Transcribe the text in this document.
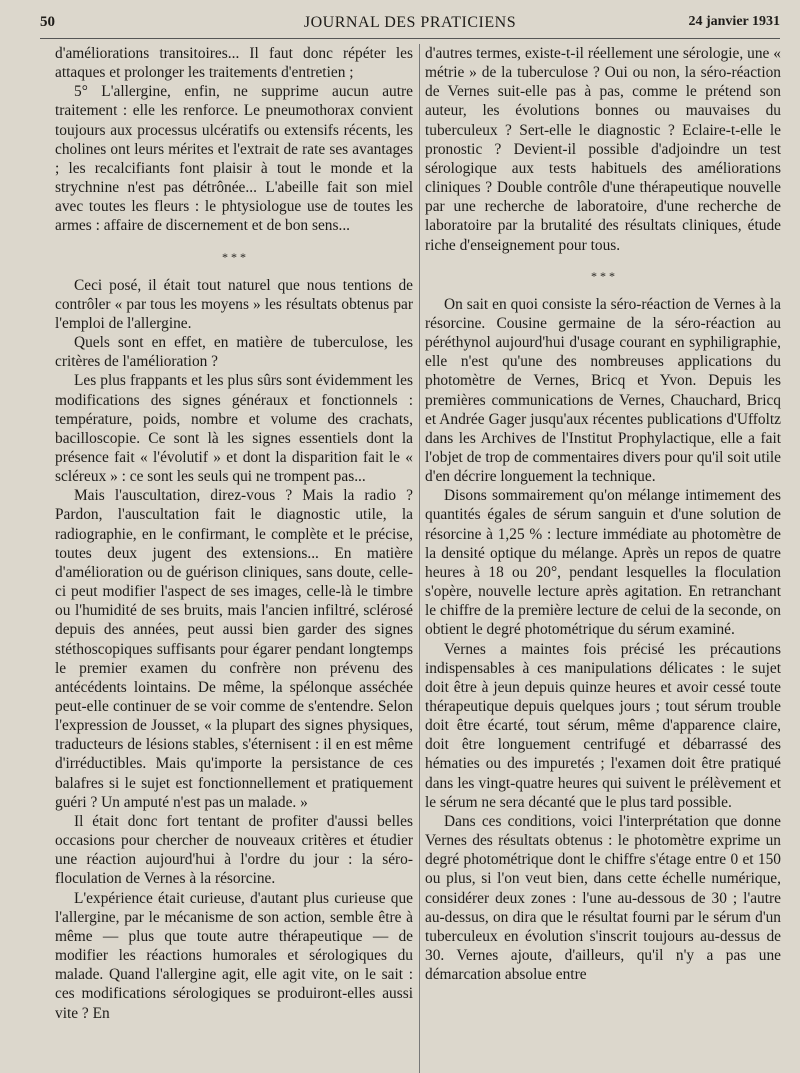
50	JOURNAL DES PRATICIENS	24 janvier 1931

d'améliorations transitoires... Il faut donc répéter les attaques et prolonger les traitements d'entretien ;

5° L'allergine, enfin, ne supprime aucun autre traitement : elle les renforce. Le pneumothorax convient toujours aux processus ulcératifs ou extensifs récents, les cholines ont leurs mérites et l'extrait de rate ses avantages ; les recalcifiants font plaisir à tout le monde et la strychnine n'est pas détrônée... L'abeille fait son miel avec toutes les fleurs : le phtysiologue use de toutes les armes : affaire de discernement et de bon sens...

* * *

Ceci posé, il était tout naturel que nous tentions de contrôler « par tous les moyens » les résultats obtenus par l'emploi de l'allergine.

Quels sont en effet, en matière de tuberculose, les critères de l'amélioration ?

Les plus frappants et les plus sûrs sont évidemment les modifications des signes généraux et fonctionnels : température, poids, nombre et volume des crachats, bacilloscopie. Ce sont là les signes essentiels dont la présence fait « l'évolutif » et dont la disparition fait le « scléreux » : ce sont les seuls qui ne trompent pas...

Mais l'auscultation, direz-vous ? Mais la radio ? Pardon, l'auscultation fait le diagnostic utile, la radiographie, en le confirmant, le complète et le précise, toutes deux jugent des extensions... En matière d'amélioration ou de guérison cliniques, sans doute, celle-ci peut modifier l'aspect de ses images, celle-là le timbre ou l'humidité de ses bruits, mais l'ancien infiltré, sclérosé depuis des années, peut aussi bien garder des signes stéthoscopiques suffisants pour égarer pendant longtemps le premier examen du confrère non prévenu des antécédents lointains. De même, la spélonque asséchée peut-elle continuer de se voir comme de s'entendre. Selon l'expression de Jousset, « la plupart des signes physiques, traducteurs de lésions stables, s'éternisent : il en est même d'irréductibles. Mais qu'importe la persistance de ces balafres si le sujet est fonctionnellement et pratiquement guéri ? Un amputé n'est pas un malade. »

Il était donc fort tentant de profiter d'aussi belles occasions pour chercher de nouveaux critères et étudier une réaction aujourd'hui à l'ordre du jour : la séro-floculation de Vernes à la résorcine.

L'expérience était curieuse, d'autant plus curieuse que l'allergine, par le mécanisme de son action, semble être à même — plus que toute autre thérapeutique — de modifier les réactions humorales et sérologiques du malade. Quand l'allergine agit, elle agit vite, on le sait : ces modifications sérologiques se produiront-elles aussi vite ? En

d'autres termes, existe-t-il réellement une sérologie, une « métrie » de la tuberculose ? Oui ou non, la séro-réaction de Vernes suit-elle pas à pas, comme le prétend son auteur, les évolutions bonnes ou mauvaises du tuberculeux ? Sert-elle le diagnostic ? Eclaire-t-elle le pronostic ? Devient-il possible d'adjoindre un test sérologique aux tests habituels des améliorations cliniques ? Double contrôle d'une thérapeutique nouvelle par une recherche de laboratoire, d'une recherche de laboratoire par la brutalité des résultats cliniques, étude riche d'enseignement pour tous.

* * *

On sait en quoi consiste la séro-réaction de Vernes à la résorcine. Cousine germaine de la séro-réaction au péréthynol aujourd'hui d'usage courant en syphiligraphie, elle n'est qu'une des nombreuses applications du photomètre de Vernes, Bricq et Yvon. Depuis les premières communications de Vernes, Chauchard, Bricq et Andrée Gager jusqu'aux récentes publications d'Uffoltz dans les Archives de l'Institut Prophylactique, elle a fait l'objet de trop de commentaires divers pour qu'il soit utile d'en décrire longuement la technique.

Disons sommairement qu'on mélange intimement des quantités égales de sérum sanguin et d'une solution de résorcine à 1,25 % : lecture immédiate au photomètre de la densité optique du mélange. Après un repos de quatre heures à 18 ou 20°, pendant lesquelles la floculation s'opère, nouvelle lecture après agitation. En retranchant le chiffre de la première lecture de celui de la seconde, on obtient le degré photométrique du sérum examiné.

Vernes a maintes fois précisé les précautions indispensables à ces manipulations délicates : le sujet doit être à jeun depuis quinze heures et avoir cessé toute thérapeutique depuis quelques jours ; tout sérum trouble doit être écarté, tout sérum, même d'apparence claire, doit être longuement centrifugé et débarrassé des hématies ou des impuretés ; l'examen doit être pratiqué dans les vingt-quatre heures qui suivent le prélèvement et le sérum ne sera décanté que le plus tard possible.

Dans ces conditions, voici l'interprétation que donne Vernes des résultats obtenus : le photomètre exprime un degré photométrique dont le chiffre s'étage entre 0 et 150 ou plus, si l'on veut bien, dans cette échelle numérique, considérer deux zones : l'une au-dessous de 30 ; l'autre au-dessus, on dira que le résultat fourni par le sérum d'un tuberculeux en évolution s'inscrit toujours au-dessus de 30. Vernes ajoute, d'ailleurs, qu'il n'y a pas une démarcation absolue entre
